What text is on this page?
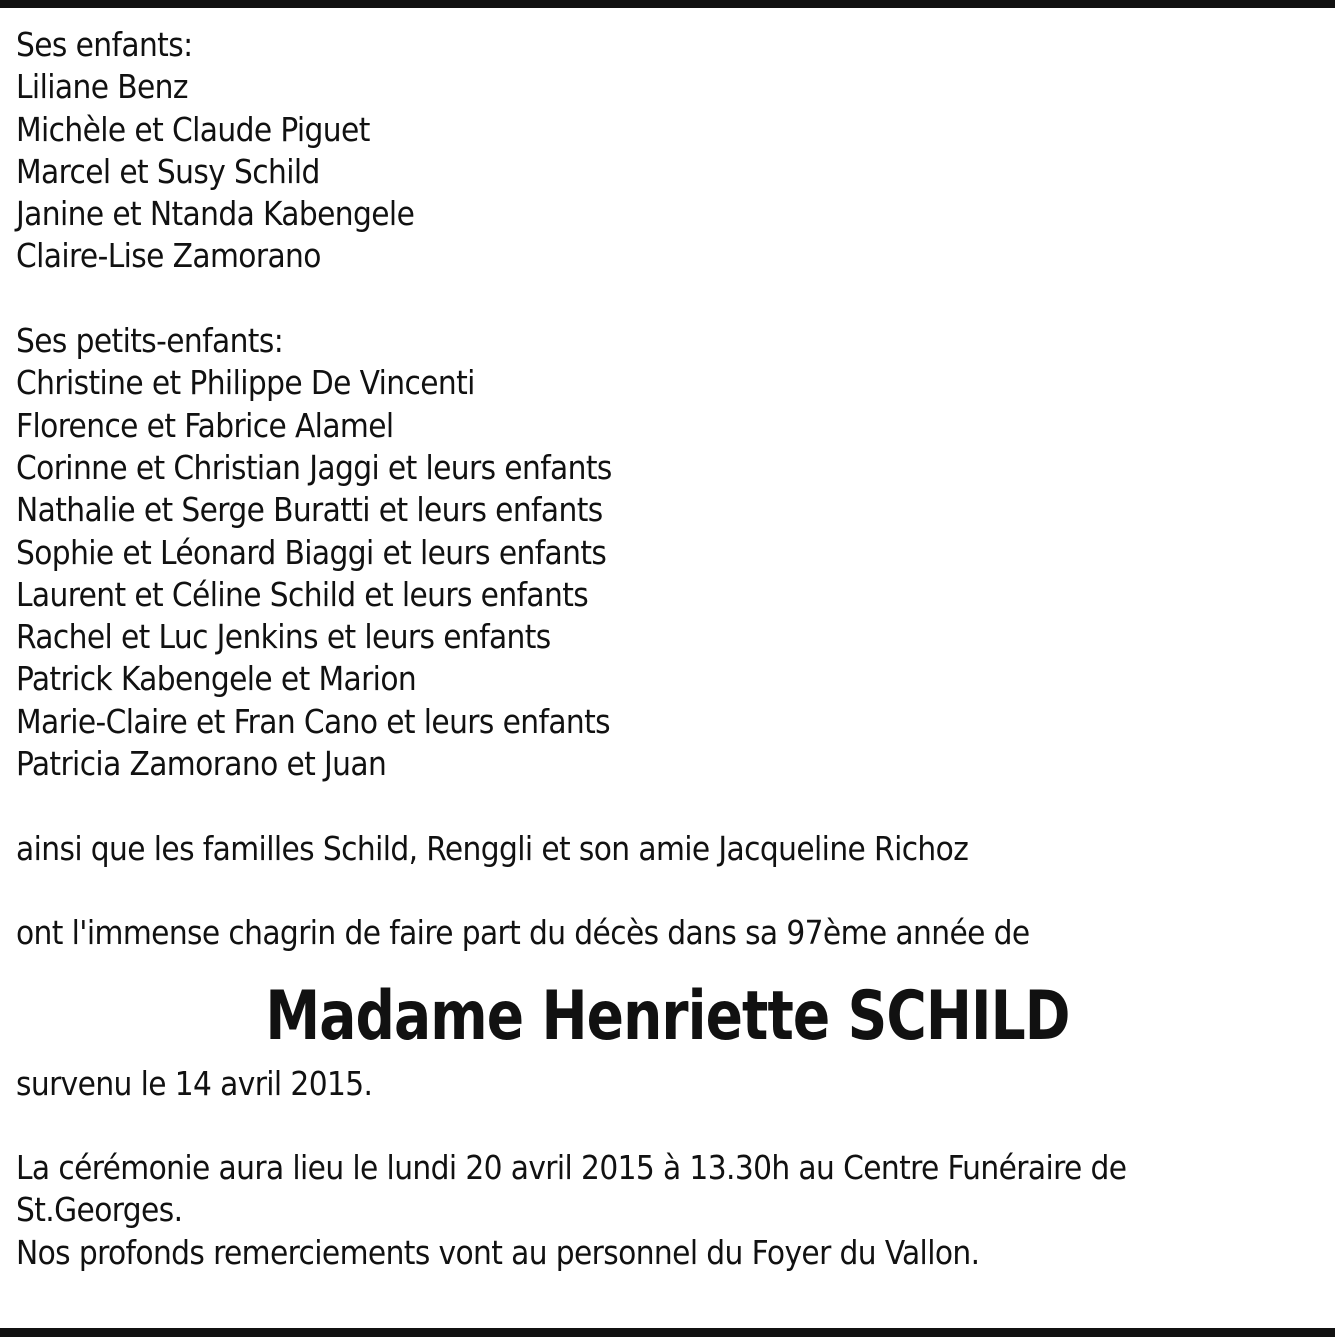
Ses enfants:
Liliane Benz
Michèle et Claude Piguet
Marcel et Susy Schild
Janine et Ntanda Kabengele
Claire-Lise Zamorano
Ses petits-enfants:
Christine et Philippe De Vincenti
Florence et Fabrice Alamel
Corinne et Christian Jaggi et leurs enfants
Nathalie et Serge Buratti et leurs enfants
Sophie et Léonard Biaggi et leurs enfants
Laurent et Céline Schild et leurs enfants
Rachel et Luc Jenkins et leurs enfants
Patrick Kabengele et Marion
Marie-Claire et Fran Cano et leurs enfants
Patricia Zamorano et Juan
ainsi que les familles Schild, Renggli et son amie Jacqueline Richoz
ont l'immense chagrin de faire part du décès dans sa 97ème année de
Madame Henriette SCHILD
survenu le 14 avril 2015.
La cérémonie aura lieu le lundi 20 avril 2015 à 13.30h au Centre Funéraire de
St.Georges.
Nos profonds remerciements vont au personnel du Foyer du Vallon.
